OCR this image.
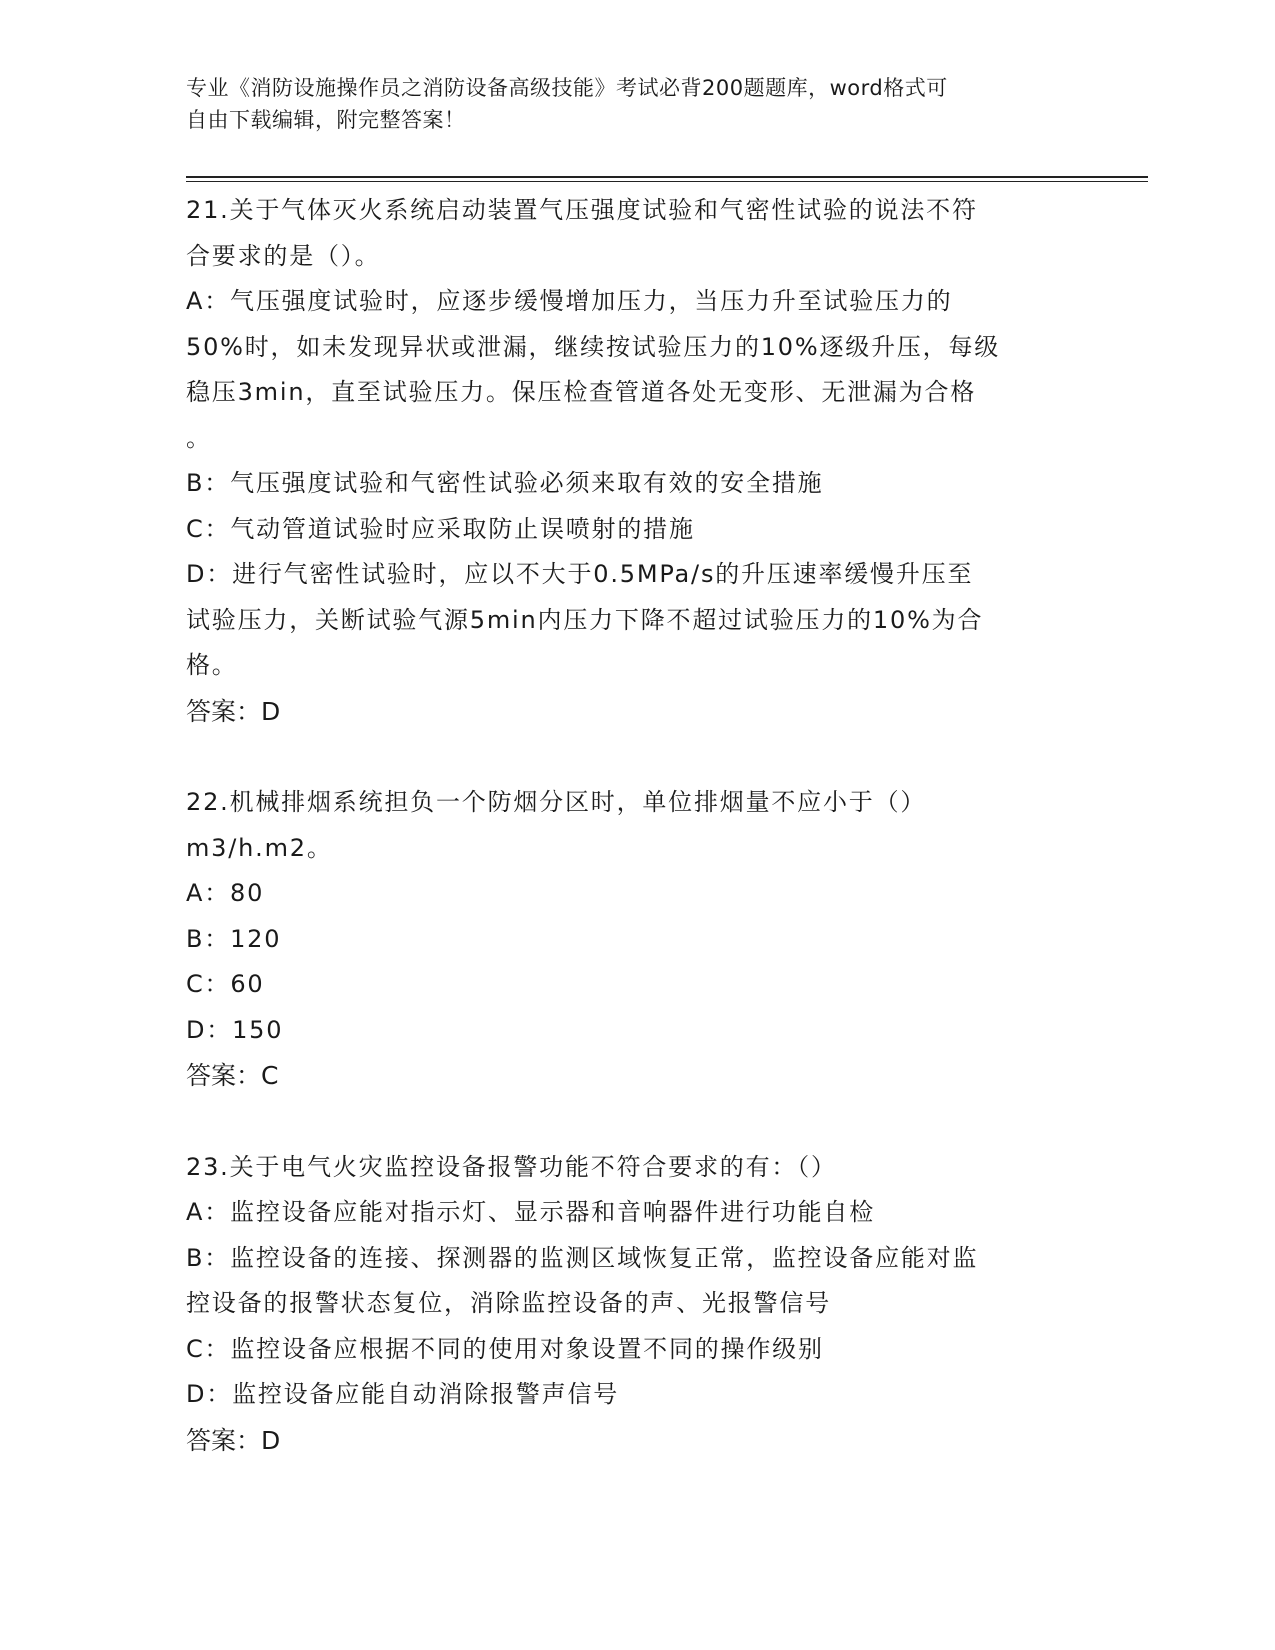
专业《消防设施操作员之消防设备高级技能》考试必背200题题库，word格式可
自由下载编辑，附完整答案！
21.关于气体灭火系统启动装置气压强度试验和气密性试验的说法不符
合要求的是（）。
A：气压强度试验时，应逐步缓慢增加压力，当压力升至试验压力的
50%时，如未发现异状或泄漏，继续按试验压力的10%逐级升压，每级
稳压3min，直至试验压力。保压检查管道各处无变形、无泄漏为合格
。
B：气压强度试验和气密性试验必须来取有效的安全措施
C：气动管道试验时应采取防止误喷射的措施
D：进行气密性试验时，应以不大于0.5MPa/s的升压速率缓慢升压至
试验压力，关断试验气源5min内压力下降不超过试验压力的10%为合
格。
答案：D
22.机械排烟系统担负一个防烟分区时，单位排烟量不应小于（）
m3/h.m2。
A：80
B：120
C：60
D：150
答案：C
23.关于电气火灾监控设备报警功能不符合要求的有：（）
A：监控设备应能对指示灯、显示器和音响器件进行功能自检
B：监控设备的连接、探测器的监测区域恢复正常，监控设备应能对监
控设备的报警状态复位，消除监控设备的声、光报警信号
C：监控设备应根据不同的使用对象设置不同的操作级别
D：监控设备应能自动消除报警声信号
答案：D
